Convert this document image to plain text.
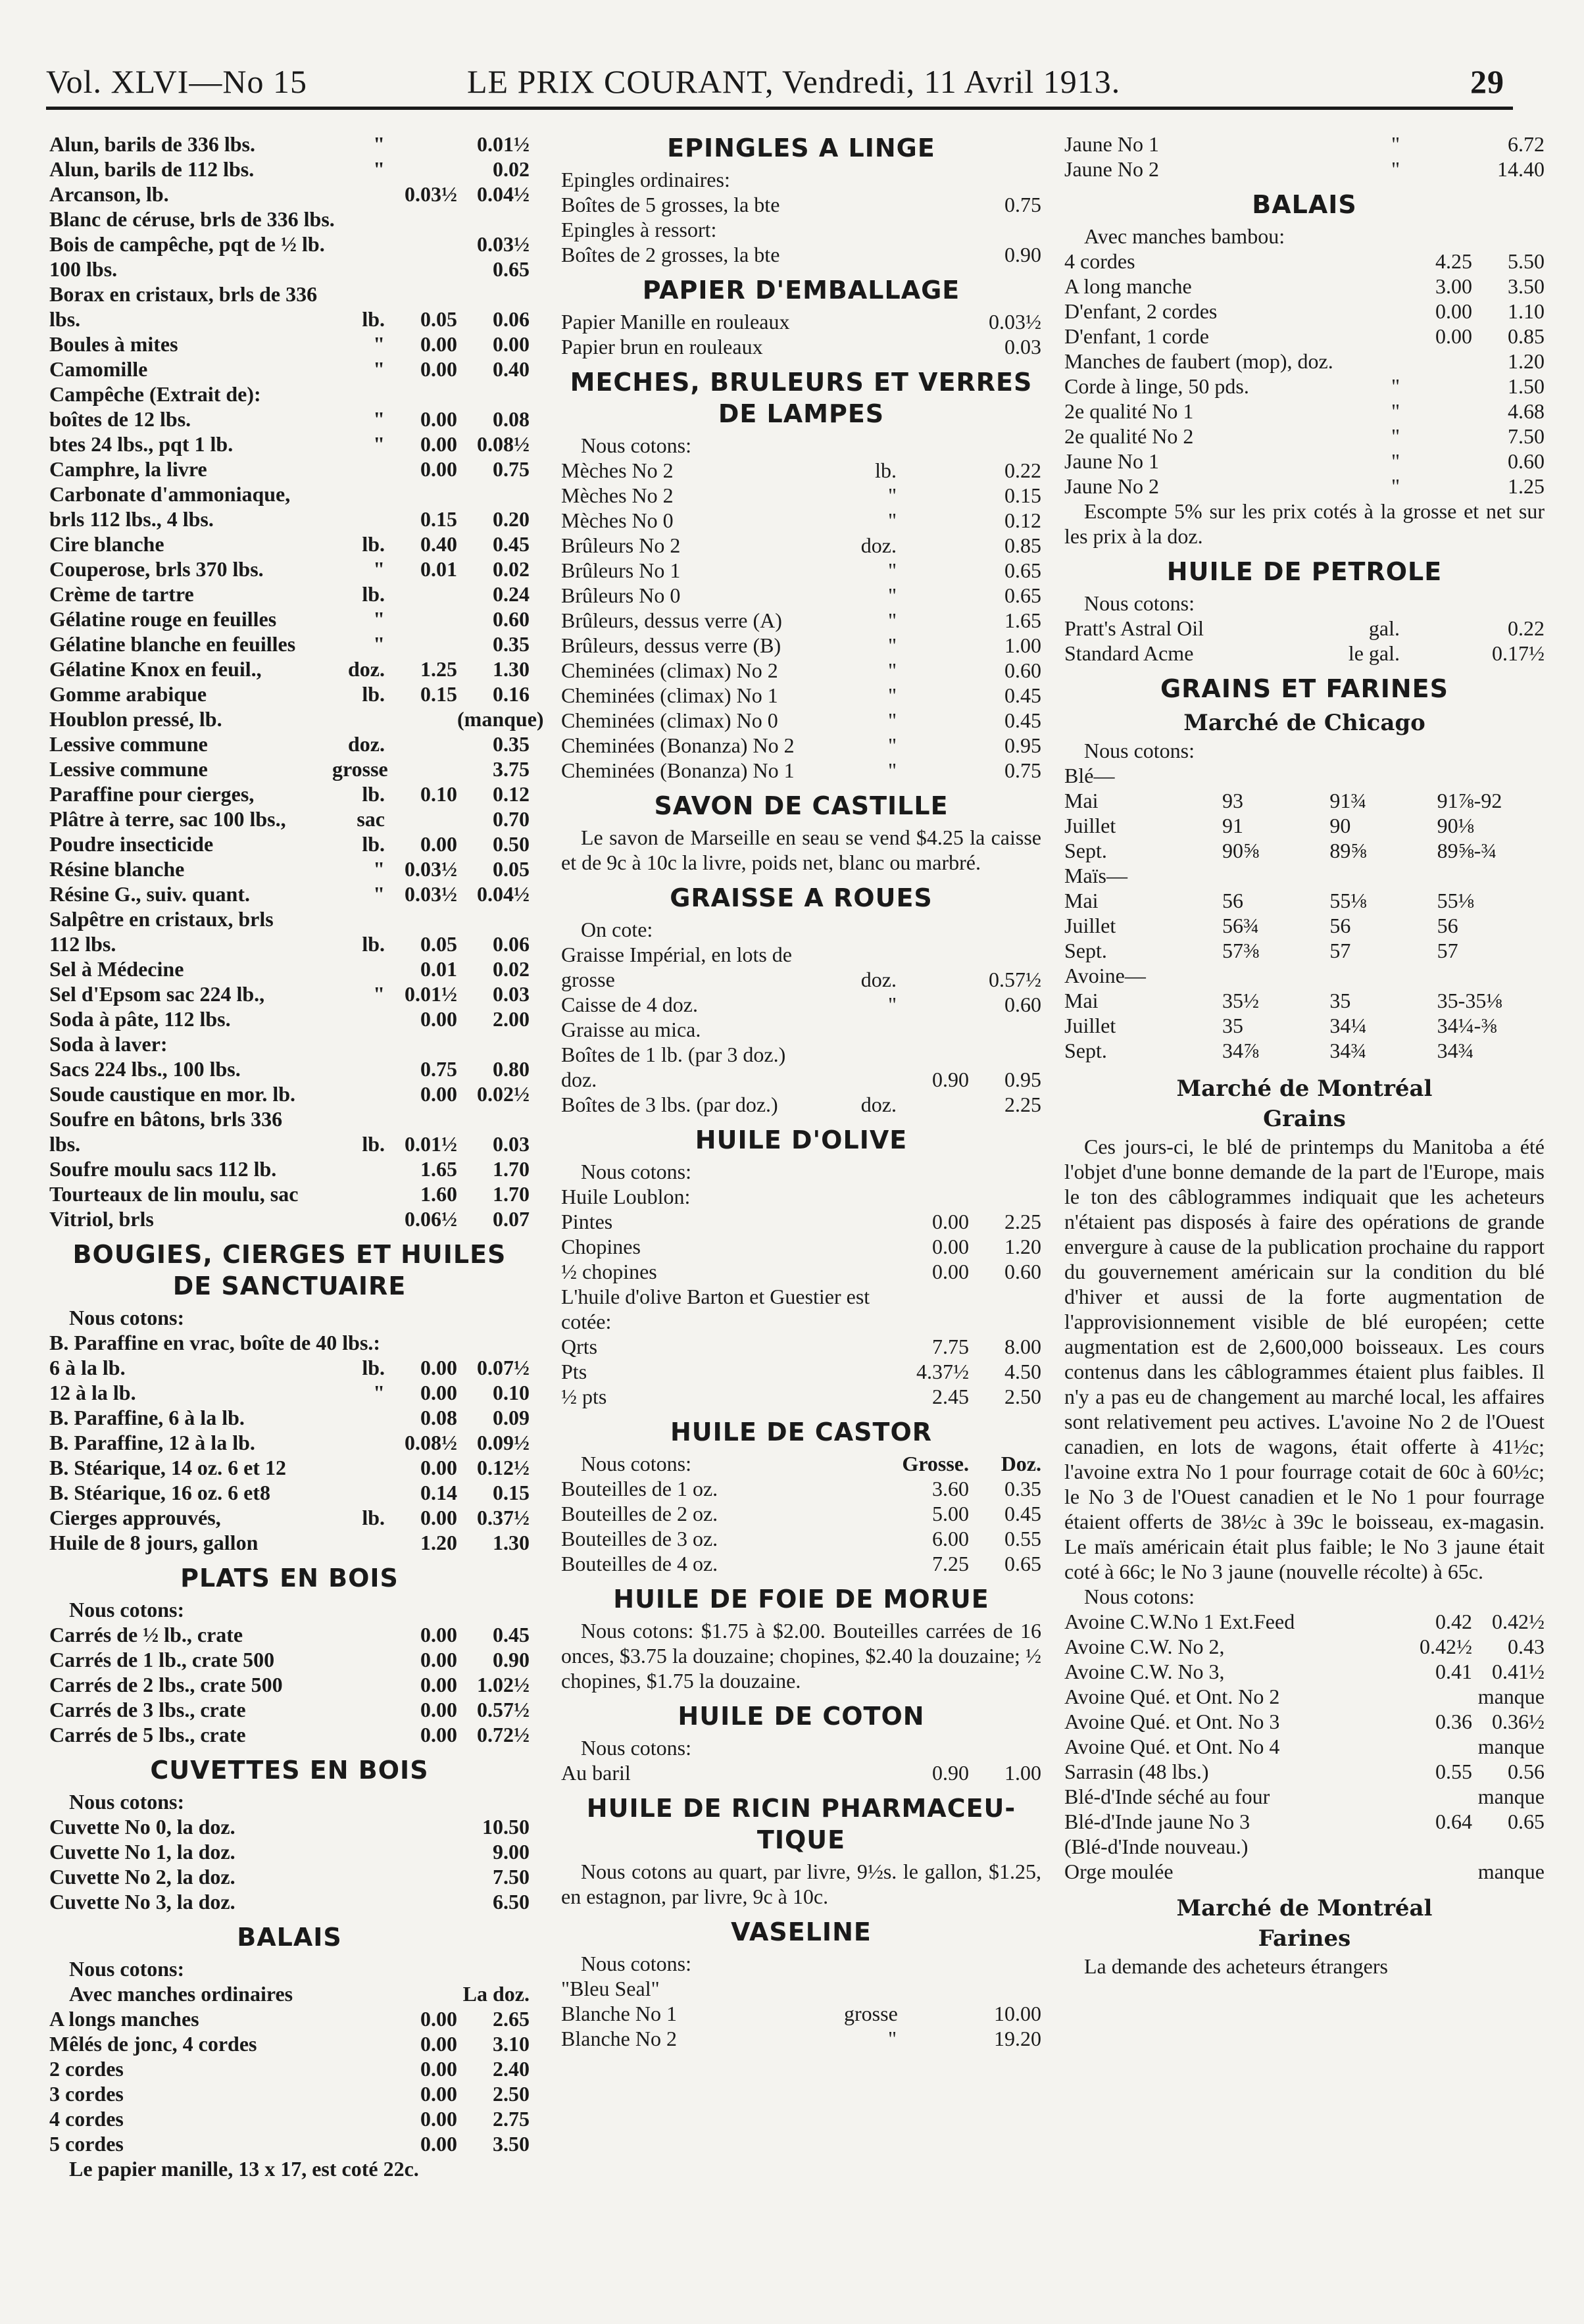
Vol. XLVI—No 15	LE PRIX COURANT, Vendredi, 11 Avril 1913.	29
Alun, barils de 336 lbs.	"	0.01½
Alun, barils de 112 lbs.	"	0.02
Arcanson, lb.	0.03½ 0.04½
Blanc de céruse, brls de 336 lbs.
Bois de campêche, pqt de ½ lb.	0.03½
100 lbs.	0.65
Borax en cristaux, brls de 336
lbs.	lb.	0.05	0.06
Boules à mites	"	0.00	0.00
Camomille	"	0.00	0.40
Campêche (Extrait de):
boîtes de 12 lbs.	"	0.00	0.08
btes 24 lbs., pqt 1 lb.	"	0.00 0.08½
Camphre, la livre	0.00	0.75
Carbonate d'ammoniaque,
brls 112 lbs., 4 lbs.	0.15	0.20
Cire blanche	lb.	0.40	0.45
Couperose, brls 370 lbs.	"	0.01	0.02
Crème de tartre	lb.	0.24
Gélatine rouge en feuilles	"	0.60
Gélatine blanche en feuilles	"	0.35
Gélatine Knox en feuil.,	doz.	1.25	1.30
Gomme arabique	lb.	0.15	0.16
Houblon pressé, lb.	(manque)
Lessive commune	doz.	0.35
Lessive commune	grosse	3.75
Paraffine pour cierges,	lb.	0.10	0.12
Plâtre à terre, sac 100 lbs.,	sac	0.70
Poudre insecticide	lb.	0.00	0.50
Résine blanche	" 0.03½	0.05
Résine G., suiv. quant.	" 0.03½ 0.04½
Salpêtre en cristaux, brls
112 lbs.	lb.	0.05	0.06
Sel à Médecine	0.01	0.02
Sel d'Epsom sac 224 lb.,	" 0.01½	0.03
Soda à pâte, 112 lbs.	0.00	2.00
Soda à laver:
Sacs 224 lbs., 100 lbs.	0.75	0.80
Soude caustique en mor. lb.	0.00 0.02½
Soufre en bâtons, brls 336
lbs.	lb. 0.01½	0.03
Soufre moulu sacs 112 lb.	1.65	1.70
Tourteaux de lin moulu, sac	1.60	1.70
Vitriol, brls	0.06½	0.07
BOUGIES, CIERGES ET HUILES
DE SANCTUAIRE
Nous cotons:
B. Paraffine en vrac, boîte de 40 lbs.:
6 à la lb.	lb.	0.00 0.07½
12 à la lb.	"	0.00	0.10
B. Paraffine, 6 à la lb.	0.08	0.09
B. Paraffine, 12 à la lb.	0.08½ 0.09½
B. Stéarique, 14 oz. 6 et 12	0.00 0.12½
B. Stéarique, 16 oz. 6 et8	0.14	0.15
Cierges approuvés,	lb.	0.00 0.37½
Huile de 8 jours, gallon	1.20	1.30
PLATS EN BOIS
Nous cotons:
Carrés de ½ lb., crate	0.00	0.45
Carrés de 1 lb., crate 500	0.00	0.90
Carrés de 2 lbs., crate 500	0.00 1.02½
Carrés de 3 lbs., crate	0.00 0.57½
Carrés de 5 lbs., crate	0.00 0.72½
CUVETTES EN BOIS
Nous cotons:
Cuvette No 0, la doz.	10.50
Cuvette No 1, la doz.	9.00
Cuvette No 2, la doz.	7.50
Cuvette No 3, la doz.	6.50
BALAIS
Nous cotons:
Avec manches ordinaires	La doz.
A longs manches	0.00	2.65
Mêlés de jonc, 4 cordes	0.00	3.10
2 cordes	0.00	2.40
3 cordes	0.00	2.50
4 cordes	0.00	2.75
5 cordes	0.00	3.50
Le papier manille, 13 x 17, est coté 22c.
EPINGLES A LINGE
Epingles ordinaires:
Boîtes de 5 grosses, la bte	0.75
Epingles à ressort:
Boîtes de 2 grosses, la bte	0.90
PAPIER D'EMBALLAGE
Papier Manille en rouleaux	0.03½
Papier brun en rouleaux	0.03
MECHES, BRULEURS ET VERRES
DE LAMPES
Nous cotons:
Mèches No 2	lb.	0.22
Mèches No 2	"	0.15
Mèches No 0	"	0.12
Brûleurs No 2	doz.	0.85
Brûleurs No 1	"	0.65
Brûleurs No 0	"	0.65
Brûleurs, dessus verre (A)	"	1.65
Brûleurs, dessus verre (B)	"	1.00
Cheminées (climax) No 2	"	0.60
Cheminées (climax) No 1	"	0.45
Cheminées (climax) No 0	"	0.45
Cheminées (Bonanza) No 2	"	0.95
Cheminées (Bonanza) No 1	"	0.75
SAVON DE CASTILLE
Le savon de Marseille en seau se vend $4.25 la caisse et de 9c à 10c la livre, poids net, blanc ou marbré.
GRAISSE A ROUES
On cote:
Graisse Impérial, en lots de
grosse	doz.	0.57½
Caisse de 4 doz.	"	0.60
Graisse au mica.
Boîtes de 1 lb. (par 3 doz.)
doz.	0.90	0.95
Boîtes de 3 lbs. (par doz.)	doz.	2.25
HUILE D'OLIVE
Nous cotons:
Huile Loublon:
Pintes	0.00	2.25
Chopines	0.00	1.20
½ chopines	0.00	0.60
L'huile d'olive Barton et Guestier est
cotée:
Qrts	7.75	8.00
Pts	4.37½	4.50
½ pts	2.45	2.50
HUILE DE CASTOR
Nous cotons:	Grosse.	Doz.
Bouteilles de 1 oz.	3.60	0.35
Bouteilles de 2 oz.	5.00	0.45
Bouteilles de 3 oz.	6.00	0.55
Bouteilles de 4 oz.	7.25	0.65
HUILE DE FOIE DE MORUE
Nous cotons: $1.75 à $2.00. Bouteilles carrées de 16 onces, $3.75 la douzaine; chopines, $2.40 la douzaine; ½ chopines, $1.75 la douzaine.
HUILE DE COTON
Nous cotons:
Au baril	0.90	1.00
HUILE DE RICIN PHARMACEU-
TIQUE
Nous cotons au quart, par livre, 9½s. le gallon, $1.25, en estagnon, par livre, 9c à 10c.
VASELINE
Nous cotons:
"Bleu Seal"
Blanche No 1	grosse	10.00
Blanche No 2	"	19.20
Jaune No 1	"	6.72
Jaune No 2	"	14.40
BALAIS
Avec manches bambou:
4 cordes	4.25	5.50
A long manche	3.00	3.50
D'enfant, 2 cordes	0.00	1.10
D'enfant, 1 corde	0.00	0.85
Manches de faubert (mop), doz.	1.20
Corde à linge, 50 pds.	"	1.50
2e qualité No 1	"	4.68
2e qualité No 2	"	7.50
Jaune No 1	"	0.60
Jaune No 2	"	1.25
Escompte 5% sur les prix cotés à la grosse et net sur les prix à la doz.
HUILE DE PETROLE
Nous cotons:
Pratt's Astral Oil	gal.	0.22
Standard Acme	le gal.	0.17½
GRAINS ET FARINES
Marché de Chicago
Nous cotons:
Blé—
Mai	93	91¾	91⅞-92
Juillet	91	90	90⅛
Sept.	90⅝	89⅝	89⅝-¾
Maïs—
Mai	56	55⅛	55⅛
Juillet	56¾	56	56
Sept.	57⅜	57	57
Avoine—
Mai	35½	35	35-35⅛
Juillet	35	34¼	34¼-⅜
Sept.	34⅞	34¾	34¾
Marché de Montréal
Grains
Ces jours-ci, le blé de printemps du Manitoba a été l'objet d'une bonne demande de la part de l'Europe, mais le ton des câblogrammes indiquait que les acheteurs n'étaient pas disposés à faire des opérations de grande envergure à cause de la publication prochaine du rapport du gouvernement américain sur la condition du blé d'hiver et aussi de la forte augmentation de l'approvisionnement visible de blé européen; cette augmentation est de 2,600,000 boisseaux. Les cours contenus dans les câblogrammes étaient plus faibles. Il n'y a pas eu de changement au marché local, les affaires sont relativement peu actives. L'avoine No 2 de l'Ouest canadien, en lots de wagons, était offerte à 41½c; l'avoine extra No 1 pour fourrage cotait de 60c à 60½c; le No 3 de l'Ouest canadien et le No 1 pour fourrage étaient offerts de 38½c à 39c le boisseau, ex-magasin. Le maïs américain était plus faible; le No 3 jaune était coté à 66c; le No 3 jaune (nouvelle récolte) à 65c.
Nous cotons:
Avoine C.W.No 1 Ext.Feed	0.42 0.42½
Avoine C.W. No 2,	0.42½	0.43
Avoine C.W. No 3,	0.41 0.41½
Avoine Qué. et Ont. No 2	manque
Avoine Qué. et Ont. No 3	0.36 0.36½
Avoine Qué. et Ont. No 4	manque
Sarrasin (48 lbs.)	0.55	0.56
Blé-d'Inde séché au four	manque
Blé-d'Inde jaune No 3	0.64	0.65
(Blé-d'Inde nouveau.)
Orge moulée	manque
Marché de Montréal
Farines
La demande des acheteurs étrangers
